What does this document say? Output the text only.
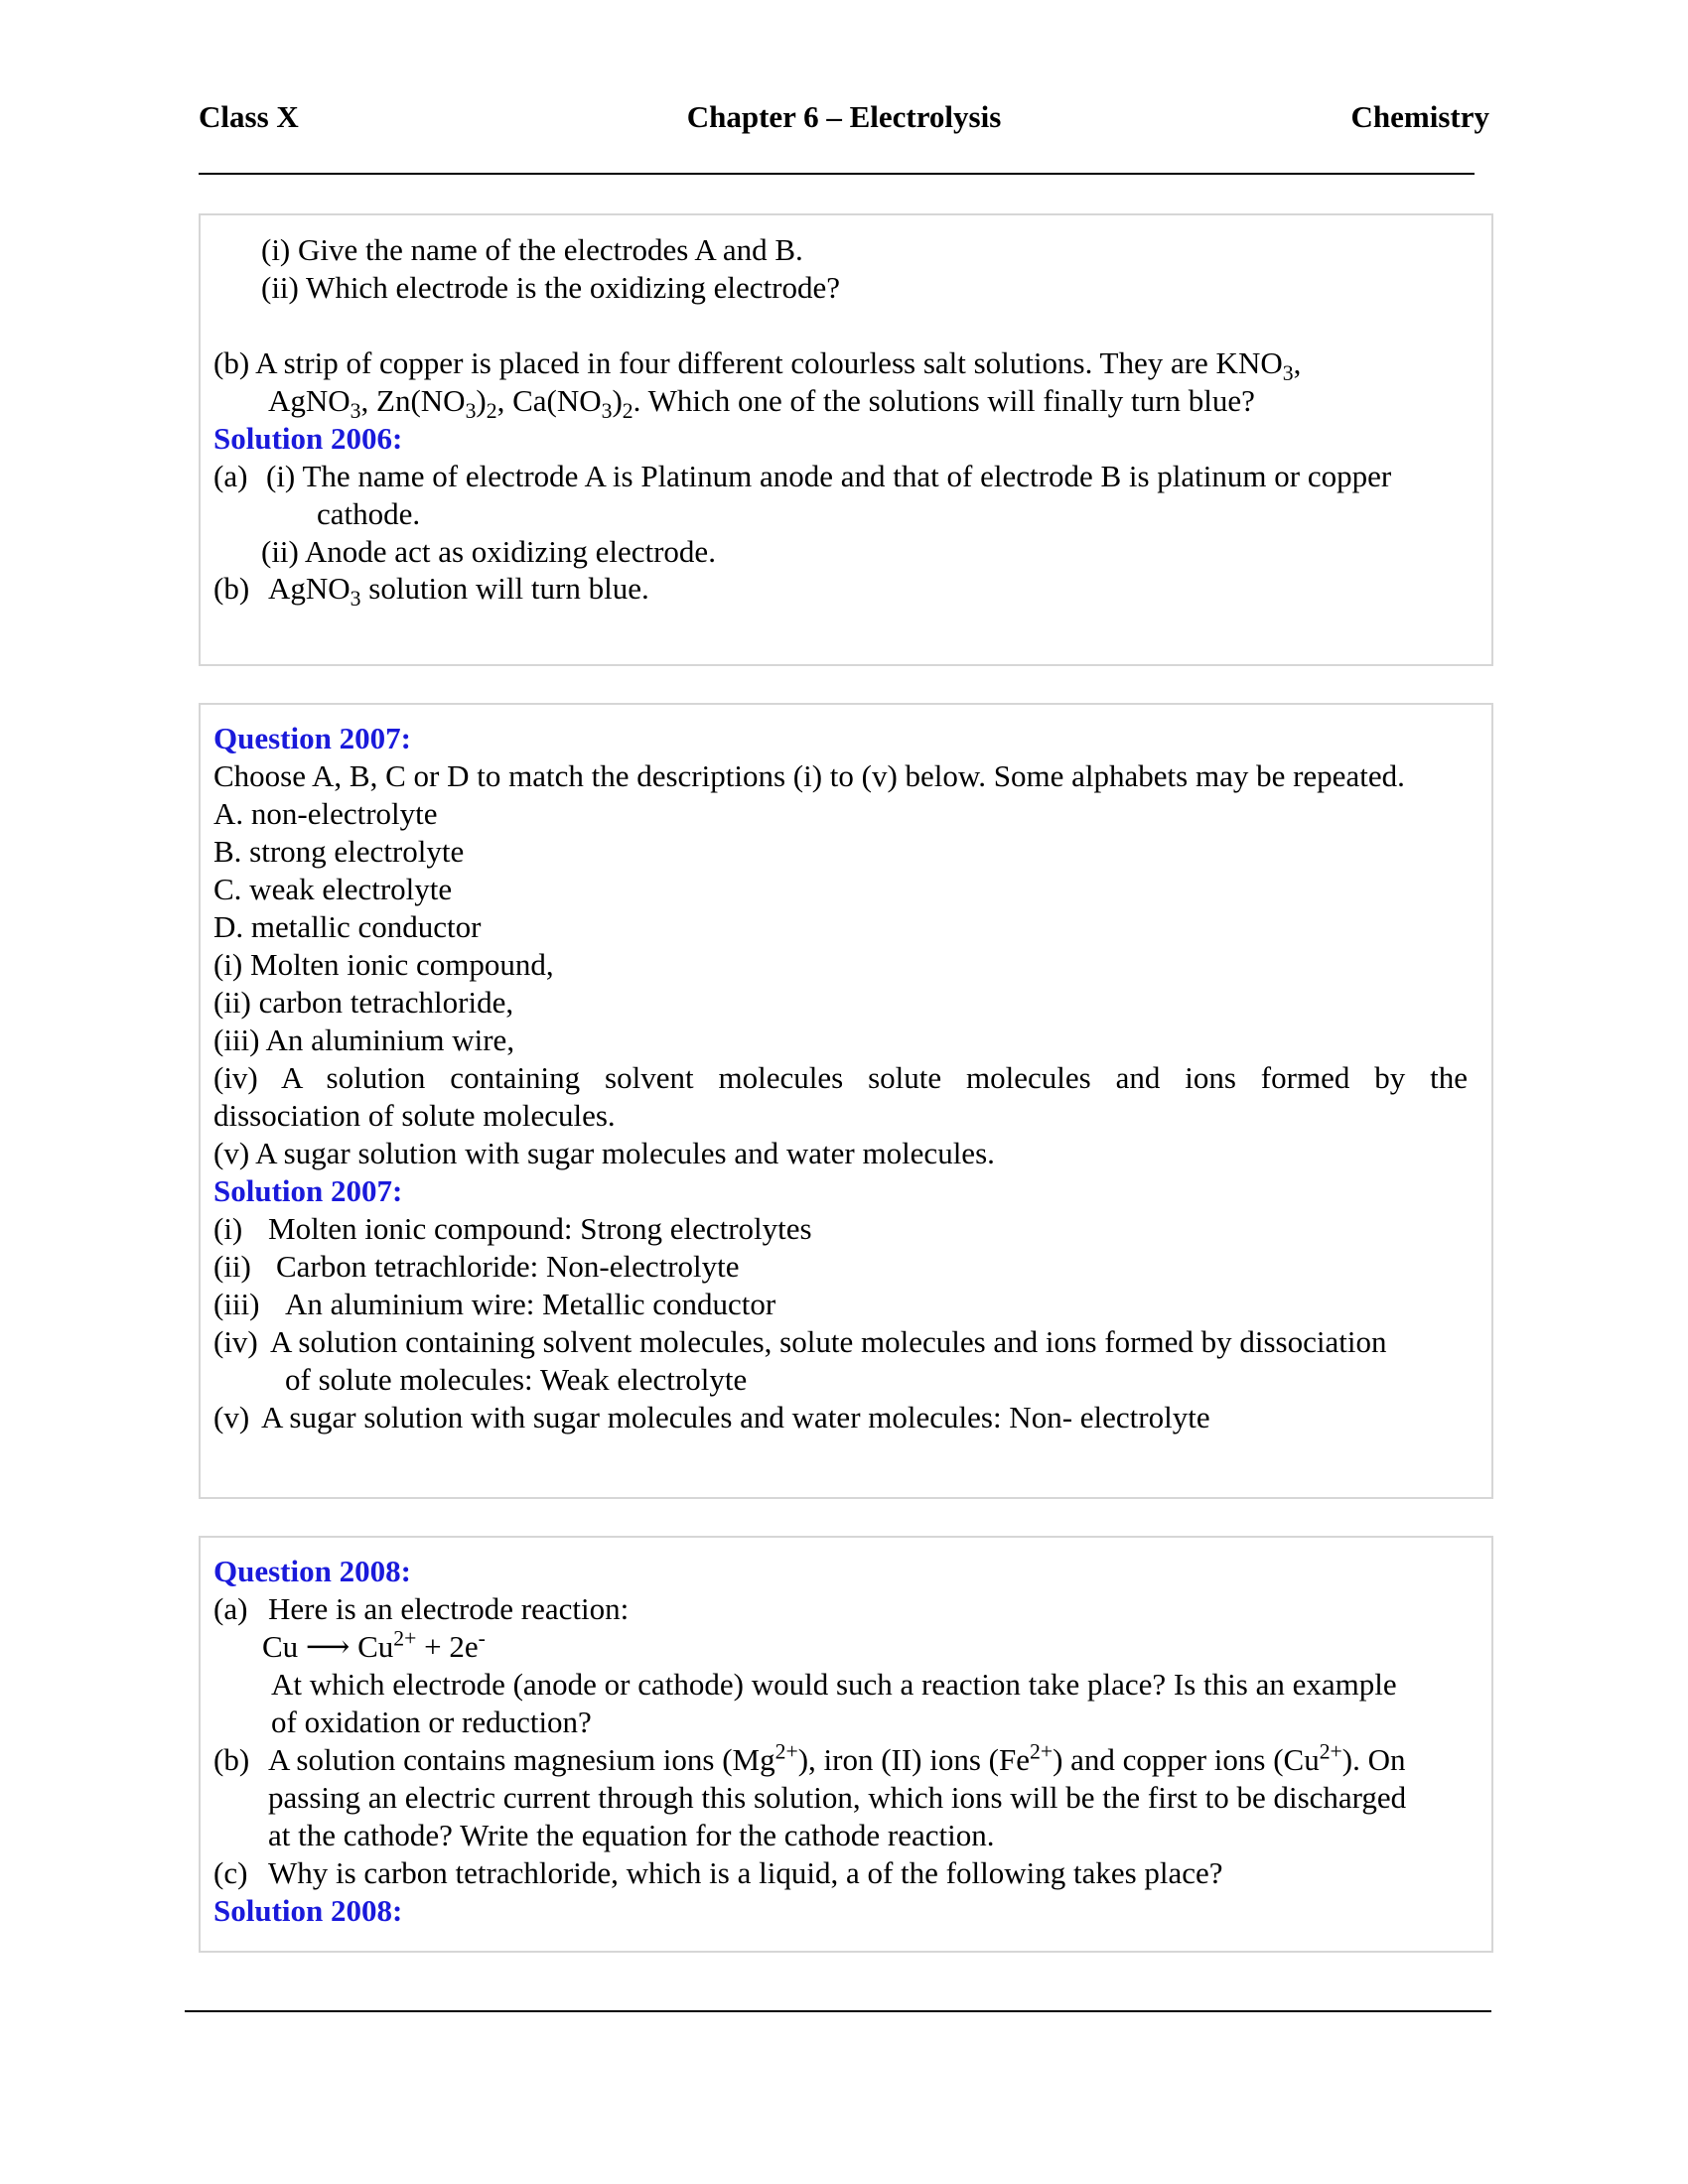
Class X	Chapter 6 – Electrolysis	Chemistry
(i) Give the name of the electrodes A and B.
(ii) Which electrode is the oxidizing electrode?
(b) A strip of copper is placed in four different colourless salt solutions. They are $KNO_3$,
AgNO$_3$, $Zn(NO_3)_2$, $Ca(NO_3)_2$. Which one of the solutions will finally turn blue?
Solution 2006:
(a) (i) The name of electrode A is Platinum anode and that of electrode B is platinum or copper
cathode.
(ii) Anode act as oxidizing electrode.
(b) AgNO$_3$ solution will turn blue.
Question 2007:
Choose A, B, C or D to match the descriptions (i) to (v) below. Some alphabets may be repeated.
A. non-electrolyte
B. strong electrolyte
C. weak electrolyte
D. metallic conductor
(i) Molten ionic compound,
(ii) carbon tetrachloride,
(iii) An aluminium wire,
(iv) A solution containing solvent molecules solute molecules and ions formed by the
dissociation of solute molecules.
(v) A sugar solution with sugar molecules and water molecules.
Solution 2007:
(i) Molten ionic compound: Strong electrolytes
(ii) Carbon tetrachloride: Non-electrolyte
(iii) An aluminium wire: Metallic conductor
(iv) A solution containing solvent molecules, solute molecules and ions formed by dissociation
of solute molecules: Weak electrolyte
(v) A sugar solution with sugar molecules and water molecules: Non- electrolyte
Question 2008:
(a) Here is an electrode reaction:
Cu ⟶ $Cu^{2+} + 2e^-$
At which electrode (anode or cathode) would such a reaction take place? Is this an example
of oxidation or reduction?
(b) A solution contains magnesium ions $(Mg^{2+})$, iron (II) ions $(Fe^{2+})$ and copper ions $(Cu^{2+})$. On
passing an electric current through this solution, which ions will be the first to be discharged
at the cathode? Write the equation for the cathode reaction.
(c) Why is carbon tetrachloride, which is a liquid, a of the following takes place?
Solution 2008:
